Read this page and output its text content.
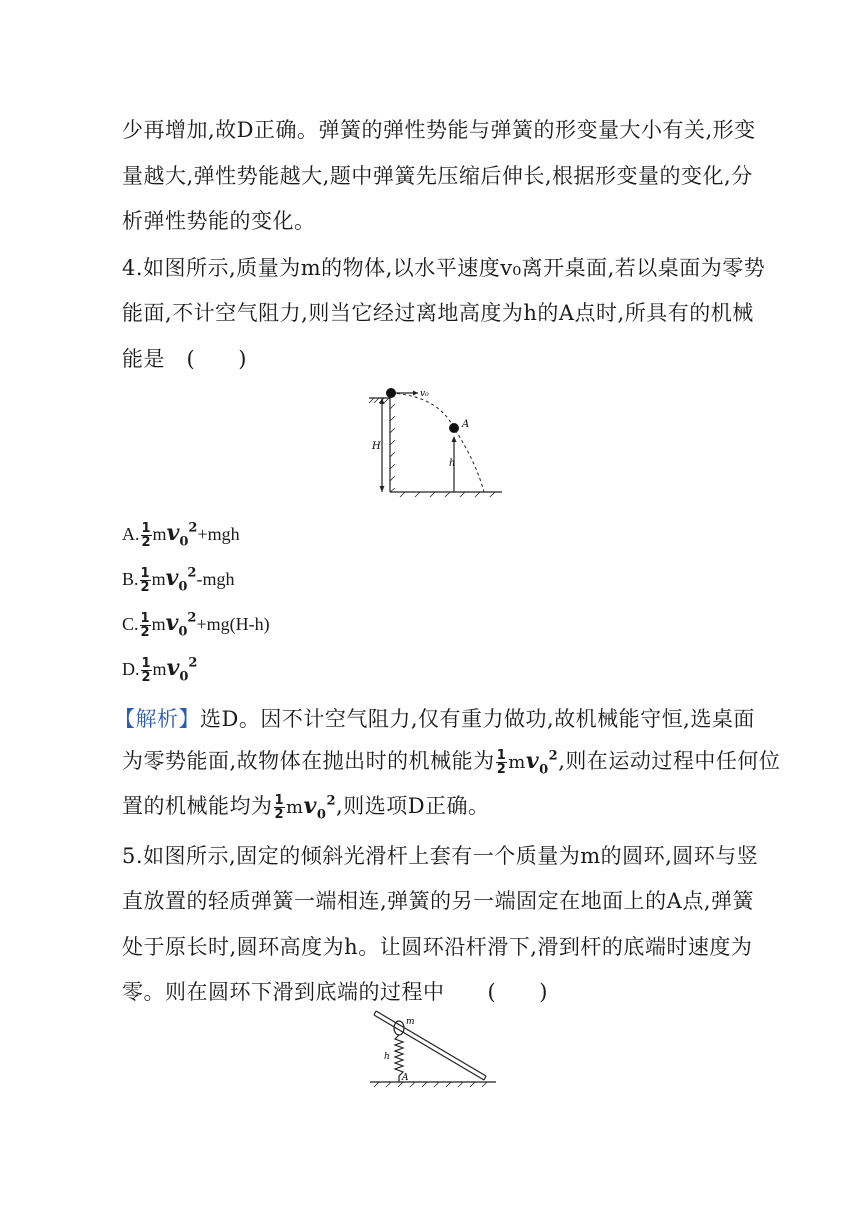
少再增加,故D正确。弹簧的弹性势能与弹簧的形变量大小有关,形变
量越大,弹性势能越大,题中弹簧先压缩后伸长,根据形变量的变化,分
析弹性势能的变化。
4.如图所示,质量为m的物体,以水平速度v₀离开桌面,若以桌面为零势
能面,不计空气阻力,则当它经过离地高度为h的A点时,所具有的机械
能是　(　　)
v₀
A
H
h
A. $\frac{1}{2} mv_0^2+mgh$
B. $\frac{1}{2} mv_0^2-mgh$
C. $\frac{1}{2} mv_0^2+mg(H-h)$
D. $\frac{1}{2} mv_0^2$
【解析】选D。因不计空气阻力,仅有重力做功,故机械能守恒,选桌面
为零势能面,故物体在抛出时的机械能为 $\frac{1}{2} mv_0^2$,则在运动过程中任何位
置的机械能均为 $\frac{1}{2} mv_0^2$,则选项D正确。
5.如图所示,固定的倾斜光滑杆上套有一个质量为m的圆环,圆环与竖
直放置的轻质弹簧一端相连,弹簧的另一端固定在地面上的A点,弹簧
处于原长时,圆环高度为h。让圆环沿杆滑下,滑到杆的底端时速度为
零。则在圆环下滑到底端的过程中　　(　　)
m
h
A
